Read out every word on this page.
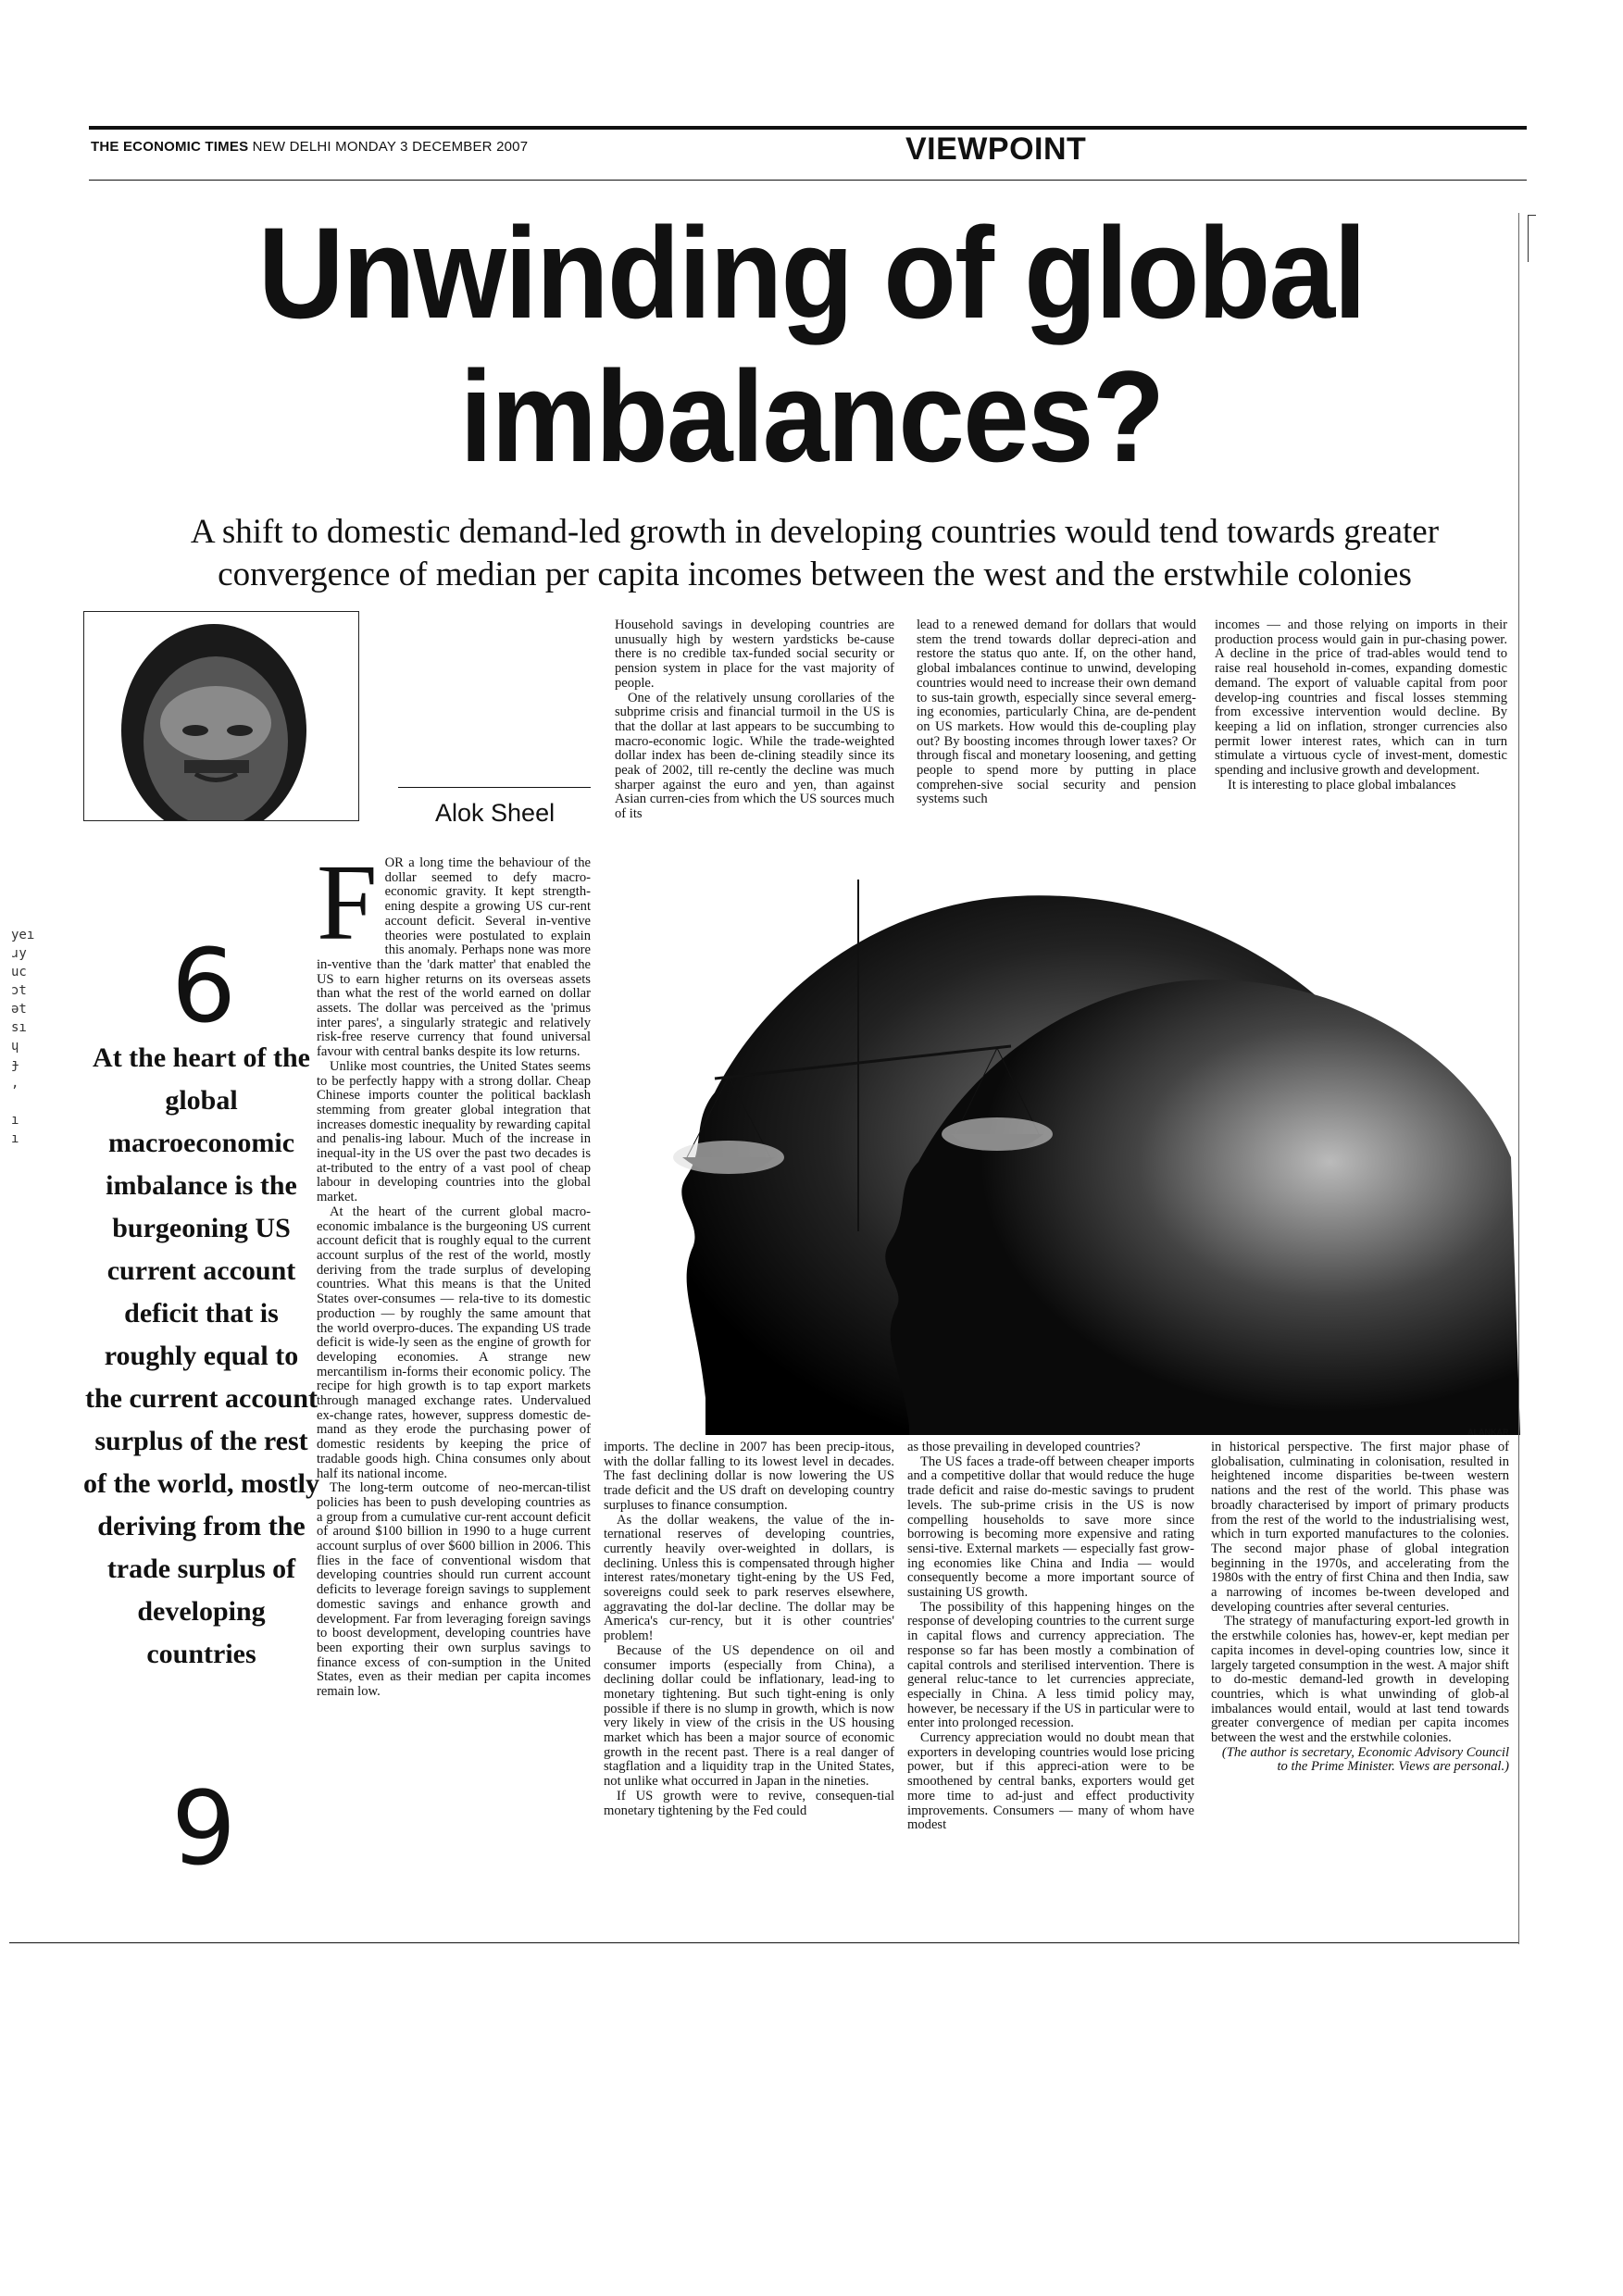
THE ECONOMIC TIMES NEW DELHI MONDAY 3 DECEMBER 2007	VIEWPOINT
Unwinding of global
imbalances?
A shift to domestic demand-led growth in developing countries would tend towards greater
convergence of median per capita incomes between the west and the erstwhile colonies
Alok Sheel
6
At the heart of the global macroeconomic imbalance is the burgeoning US current account deficit that is roughly equal to the current account surplus of the rest of the world, mostly deriving from the trade surplus of developing countries
9
yeı
ɹy
uc
ɔt
ət
sı
ɥ
ɟ
,

ı
ı

FOR a long time the behaviour of the dollar seemed to defy macro-economic gravity. It kept strength-ening despite a growing US cur-rent account deficit. Several in-ventive theories were postulated to explain this anomaly. Perhaps none was more in-ventive than the 'dark matter' that enabled the US to earn higher returns on its overseas assets than what the rest of the world earned on dollar assets. The dollar was perceived as the 'primus inter pares', a singularly strategic and relatively risk-free reserve currency that found universal favour with central banks despite its low returns.

Unlike most countries, the United States seems to be perfectly happy with a strong dollar. Cheap Chinese imports counter the political backlash stemming from greater global integration that increases domestic inequality by rewarding capital and penalis-ing labour. Much of the increase in inequal-ity in the US over the past two decades is at-tributed to the entry of a vast pool of cheap labour in developing countries into the global market.

At the heart of the current global macro-economic imbalance is the burgeoning US current account deficit that is roughly equal to the current account surplus of the rest of the world, mostly deriving from the trade surplus of developing countries. What this means is that the United States over-consumes — rela-tive to its domestic production — by roughly the same amount that the world overpro-duces. The expanding US trade deficit is wide-ly seen as the engine of growth for developing economies. A strange new mercantilism in-forms their economic policy. The recipe for high growth is to tap export markets through managed exchange rates. Undervalued ex-change rates, however, suppress domestic de-mand as they erode the purchasing power of domestic residents by keeping the price of tradable goods high. China consumes only about half its national income.

The long-term outcome of neo-mercan-tilist policies has been to push developing countries as a group from a cumulative cur-rent account deficit of around $100 billion in 1990 to a huge current account surplus of over $600 billion in 2006. This flies in the face of conventional wisdom that developing countries should run current account deficits to leverage foreign savings to supplement domestic savings and enhance growth and development. Far from leveraging foreign savings to boost development, developing countries have been exporting their own surplus savings to finance excess of con-sumption in the United States, even as their median per capita incomes remain low.

Household savings in developing countries are unusually high by western yardsticks be-cause there is no credible tax-funded social security or pension system in place for the vast majority of people.

One of the relatively unsung corollaries of the subprime crisis and financial turmoil in the US is that the dollar at last appears to be succumbing to macro-economic logic. While the trade-weighted dollar index has been de-clining steadily since its peak of 2002, till re-cently the decline was much sharper against the euro and yen, than against Asian curren-cies from which the US sources much of its

lead to a renewed demand for dollars that would stem the trend towards dollar depreci-ation and restore the status quo ante. If, on the other hand, global imbalances continue to unwind, developing countries would need to increase their own demand to sus-tain growth, especially since several emerg-ing economies, particularly China, are de-pendent on US markets. How would this de-coupling play out? By boosting incomes through lower taxes? Or through fiscal and monetary loosening, and getting people to spend more by putting in place comprehen-sive social security and pension systems such

incomes — and those relying on imports in their production process would gain in pur-chasing power. A decline in the price of trad-ables would tend to raise real household in-comes, expanding domestic demand. The export of valuable capital from poor develop-ing countries and fiscal losses stemming from excessive intervention would decline. By keeping a lid on inflation, stronger currencies also permit lower interest rates, which can in turn stimulate a virtuous cycle of invest-ment, domestic spending and inclusive growth and development.

It is interesting to place global imbalances

ALANKAR

imports. The decline in 2007 has been precip-itous, with the dollar falling to its lowest level in decades. The fast declining dollar is now lowering the US trade deficit and the US draft on developing country surpluses to finance consumption.

As the dollar weakens, the value of the in-ternational reserves of developing countries, currently heavily over-weighted in dollars, is declining. Unless this is compensated through higher interest rates/monetary tight-ening by the US Fed, sovereigns could seek to park reserves elsewhere, aggravating the dol-lar decline. The dollar may be America's cur-rency, but it is other countries' problem!

Because of the US dependence on oil and consumer imports (especially from China), a declining dollar could be inflationary, lead-ing to monetary tightening. But such tight-ening is only possible if there is no slump in growth, which is now very likely in view of the crisis in the US housing market which has been a major source of economic growth in the recent past. There is a real danger of stagflation and a liquidity trap in the United States, not unlike what occurred in Japan in the nineties.

If US growth were to revive, consequen-tial monetary tightening by the Fed could

as those prevailing in developed countries?

The US faces a trade-off between cheaper imports and a competitive dollar that would reduce the huge trade deficit and raise do-mestic savings to prudent levels. The sub-prime crisis in the US is now compelling households to save more since borrowing is becoming more expensive and rating sensi-tive. External markets — especially fast grow-ing economies like China and India — would consequently become a more important source of sustaining US growth.

The possibility of this happening hinges on the response of developing countries to the current surge in capital flows and currency appreciation. The response so far has been mostly a combination of capital controls and sterilised intervention. There is general reluc-tance to let currencies appreciate, especially in China. A less timid policy may, however, be necessary if the US in particular were to enter into prolonged recession.

Currency appreciation would no doubt mean that exporters in developing countries would lose pricing power, but if this appreci-ation were to be smoothened by central banks, exporters would get more time to ad-just and effect productivity improvements. Consumers — many of whom have modest

in historical perspective. The first major phase of globalisation, culminating in colonisation, resulted in heightened income disparities be-tween western nations and the rest of the world. This phase was broadly characterised by import of primary products from the rest of the world to the industrialising west, which in turn exported manufactures to the colonies. The second major phase of global integration beginning in the 1970s, and accelerating from the 1980s with the entry of first China and then India, saw a narrowing of incomes be-tween developed and developing countries after several centuries.

The strategy of manufacturing export-led growth in the erstwhile colonies has, howev-er, kept median per capita incomes in devel-oping countries low, since it largely targeted consumption in the west. A major shift to do-mestic demand-led growth in developing countries, which is what unwinding of glob-al imbalances would entail, would at last tend towards greater convergence of median per capita incomes between the west and the erstwhile colonies.

(The author is secretary, Economic Advisory Council to the Prime Minister. Views are personal.)
